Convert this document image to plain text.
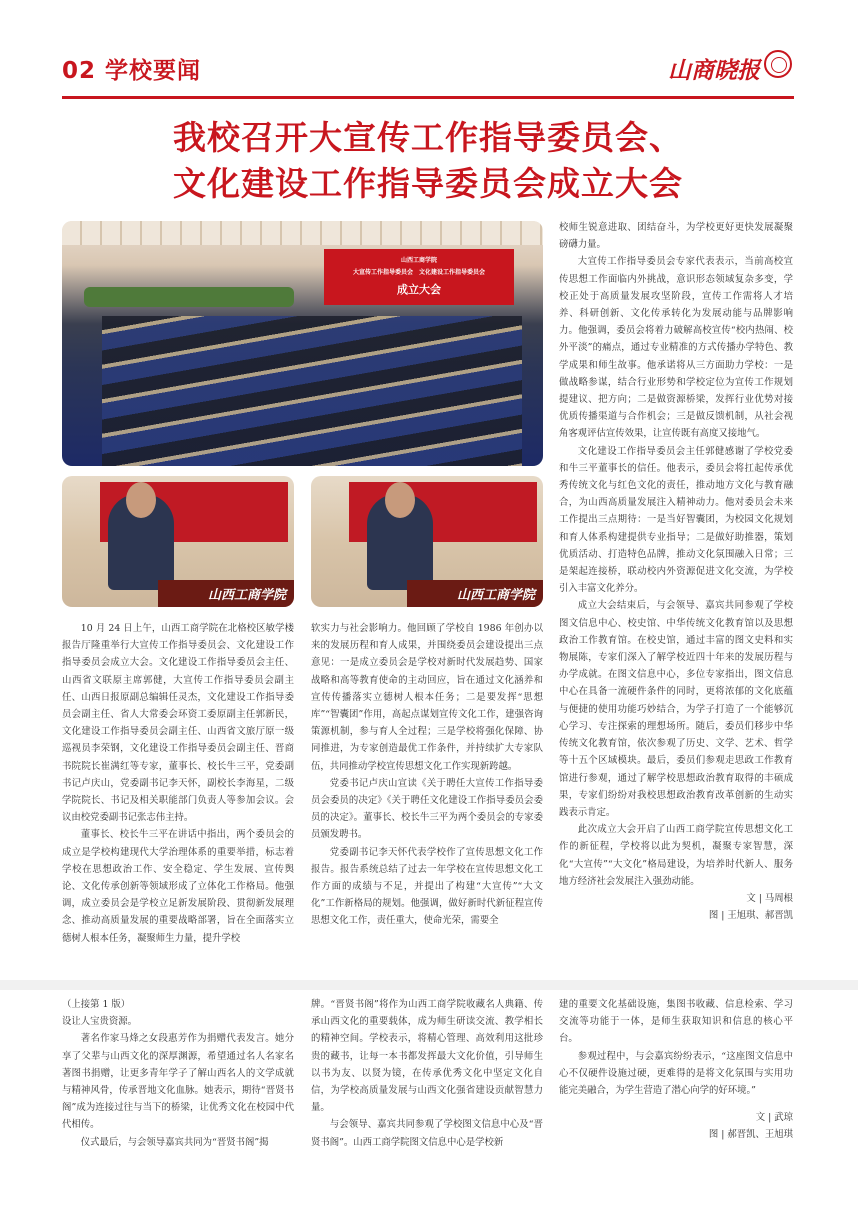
02 学校要闻	山商晓报
我校召开大宣传工作指导委员会、
文化建设工作指导委员会成立大会
山西工商学院
大宣传工作指导委员会　文化建设工作指导委员会
成立大会
山西工商学院	山西工商学院

10 月 24 日上午，山西工商学院在北格校区敏学楼报告厅隆重举行大宣传工作指导委员会、文化建设工作指导委员会成立大会。文化建设工作指导委员会主任、山西省文联原主席郭健，大宣传工作指导委员会副主任、山西日报原副总编辑任灵杰，文化建设工作指导委员会副主任、省人大常委会环资工委原副主任郭新民，文化建设工作指导委员会副主任、山西省文旅厅原一级巡视员李荣钢，文化建设工作指导委员会副主任、晋商书院院长崔满红等专家，董事长、校长牛三平，党委副书记卢庆山，党委副书记李天怀，副校长李海星，二级学院院长、书记及相关职能部门负责人等参加会议。会议由校党委副书记张志伟主持。

董事长、校长牛三平在讲话中指出，两个委员会的成立是学校构建现代大学治理体系的重要举措，标志着学校在思想政治工作、安全稳定、学生发展、宣传舆论、文化传承创新等领域形成了立体化工作格局。他强调，成立委员会是学校立足新发展阶段、贯彻新发展理念、推动高质量发展的重要战略部署，旨在全面落实立德树人根本任务，凝聚师生力量，提升学校

软实力与社会影响力。他回顾了学校自 1986 年创办以来的发展历程和育人成果，并围绕委员会建设提出三点意见：一是成立委员会是学校对新时代发展趋势、国家战略和高等教育使命的主动回应，旨在通过文化涵养和宣传传播落实立德树人根本任务；二是要发挥“思想库”“智囊团”作用，高起点谋划宣传文化工作，建强咨询策源机制，参与育人全过程；三是学校将强化保障、协同推进，为专家创造最优工作条件，并持续扩大专家队伍，共同推动学校宣传思想文化工作实现新跨越。

党委书记卢庆山宣读《关于聘任大宣传工作指导委员会委员的决定》《关于聘任文化建设工作指导委员会委员的决定》。董事长、校长牛三平为两个委员会的专家委员颁发聘书。

党委副书记李天怀代表学校作了宣传思想文化工作报告。报告系统总结了过去一年学校在宣传思想文化工作方面的成绩与不足，并提出了构建“大宣传”“大文化”工作新格局的规划。他强调，做好新时代新征程宣传思想文化工作，责任重大，使命光荣，需要全

校师生锐意进取、团结奋斗，为学校更好更快发展凝聚磅礴力量。

大宣传工作指导委员会专家代表表示，当前高校宣传思想工作面临内外挑战，意识形态领域复杂多变，学校正处于高质量发展攻坚阶段，宣传工作需将人才培养、科研创新、文化传承转化为发展动能与品牌影响力。他强调，委员会将着力破解高校宣传“校内热闹、校外平淡”的痛点，通过专业精准的方式传播办学特色、教学成果和师生故事。他承诺将从三方面助力学校：一是做战略参谋，结合行业形势和学校定位为宣传工作规划提建议、把方向；二是做资源桥梁，发挥行业优势对接优质传播渠道与合作机会；三是做反馈机制，从社会视角客观评估宣传效果，让宣传既有高度又接地气。

文化建设工作指导委员会主任郭健感谢了学校党委和牛三平董事长的信任。他表示，委员会将扛起传承优秀传统文化与红色文化的责任，推动地方文化与教育融合，为山西高质量发展注入精神动力。他对委员会未来工作提出三点期待：一是当好智囊团，为校园文化规划和育人体系构建提供专业指导；二是做好助推器，策划优质活动、打造特色品牌，推动文化氛围融入日常；三是架起连接桥，联动校内外资源促进文化交流，为学校引入丰富文化养分。

成立大会结束后，与会领导、嘉宾共同参观了学校图文信息中心、校史馆、中华传统文化教育馆以及思想政治工作教育馆。在校史馆，通过丰富的图文史料和实物展陈，专家们深入了解学校近四十年来的发展历程与办学成就。在图文信息中心，多位专家指出，图文信息中心在具备一流硬件条件的同时，更将浓郁的文化底蕴与便捷的使用功能巧妙结合，为学子打造了一个能够沉心学习、专注探索的理想场所。随后，委员们移步中华传统文化教育馆，依次参观了历史、文学、艺术、哲学等十五个区域模块。最后，委员们参观走思政工作教育馆进行参观，通过了解学校思想政治教育取得的丰硕成果，专家们纷纷对我校思想政治教育改革创新的生动实践表示肯定。

此次成立大会开启了山西工商学院宣传思想文化工作的新征程，学校将以此为契机，凝聚专家智慧，深化“大宣传”“大文化”格局建设，为培养时代新人、服务地方经济社会发展注入强劲动能。

文 | 马周根
图 | 王旭琪、郝晋凯

（上接第 1 版）

设让人宝贵资源。

著名作家马烽之女段惠芳作为捐赠代表发言。她分享了父辈与山西文化的深厚渊源，希望通过名人名家名著图书捐赠，让更多青年学子了解山西名人的文学成就与精神风骨，传承晋地文化血脉。她表示，期待“晋贤书阁”成为连接过往与当下的桥梁，让优秀文化在校园中代代相传。

仪式最后，与会领导嘉宾共同为“晋贤书阁”揭

牌。“晋贤书阁”将作为山西工商学院收藏名人典籍、传承山西文化的重要载体，成为师生研读交流、教学相长的精神空间。学校表示，将精心管理、高效利用这批珍贵的藏书，让每一本书都发挥最大文化价值，引导师生以书为友、以贤为镜，在传承优秀文化中坚定文化自信，为学校高质量发展与山西文化强省建设贡献智慧力量。

与会领导、嘉宾共同参观了学校图文信息中心及“晋贤书阁”。山西工商学院图文信息中心是学校新

建的重要文化基础设施，集图书收藏、信息检索、学习交流等功能于一体，是师生获取知识和信息的核心平台。

参观过程中，与会嘉宾纷纷表示，“这座图文信息中心不仅硬件设施过硬，更难得的是将文化氛围与实用功能完美融合，为学生营造了潜心向学的好环境。”

文 | 武琼
图 | 郝晋凯、王旭琪
